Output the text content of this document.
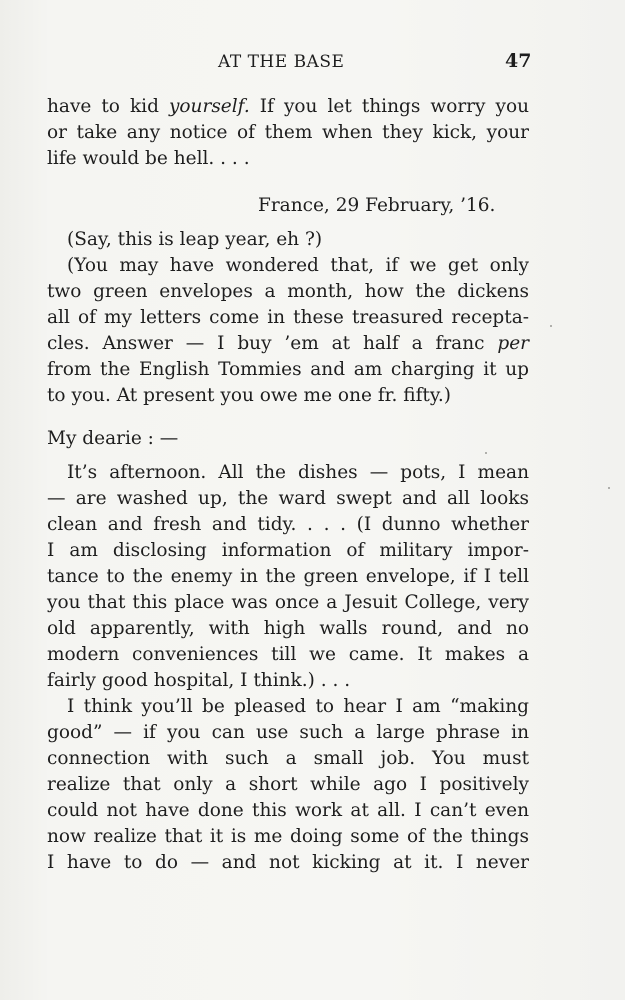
AT THE BASE	47
have to kid yourself. If you let things worry you
or take any notice of them when they kick, your
life would be hell. . . .
France, 29 February, ’16.
(Say, this is leap year, eh ?)
(You may have wondered that, if we get only
two green envelopes a month, how the dickens
all of my letters come in these treasured recepta-
cles. Answer — I buy ’em at half a franc per
from the English Tommies and am charging it up
to you. At present you owe me one fr. fifty.)
My dearie : —
It’s afternoon. All the dishes — pots, I mean
— are washed up, the ward swept and all looks
clean and fresh and tidy. . . . (I dunno whether
I am disclosing information of military impor-
tance to the enemy in the green envelope, if I tell
you that this place was once a Jesuit College, very
old apparently, with high walls round, and no
modern conveniences till we came. It makes a
fairly good hospital, I think.) . . .
I think you’ll be pleased to hear I am “making
good” — if you can use such a large phrase in
connection with such a small job. You must
realize that only a short while ago I positively
could not have done this work at all. I can’t even
now realize that it is me doing some of the things
I have to do — and not kicking at it. I never
